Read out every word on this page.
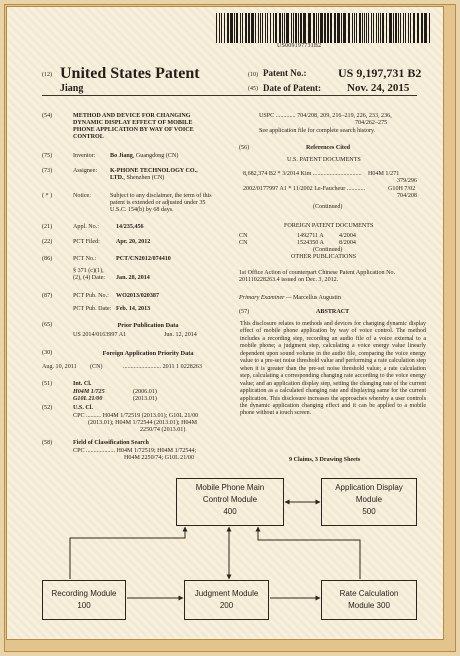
US009197731B2
(12) United States Patent
Jiang
(10) Patent No.:	US 9,197,731 B2
(45) Date of Patent: Nov. 24, 2015
(54)	METHOD AND DEVICE FOR CHANGING
DYNAMIC DISPLAY EFFECT OF MOBILE
PHONE APPLICATION BY WAY OF VOICE
CONTROL
(75)	Inventor: Bo Jiang, Guangdong (CN)
(73)	Assignee: K-PHONE TECHNOLOGY CO.,
LTD., Shenzhen (CN)
( * )	Notice:	Subject to any disclaimer, the term of this
patent is extended or adjusted under 35
U.S.C. 154(b) by 68 days.
(21)	Appl. No.:	14/235,456
(22)	PCT Filed:	Apr. 20, 2012
(86)	PCT No.:	PCT/CN2012/074410
§ 371 (c)(1),
(2), (4) Date: Jan. 28, 2014
(87)	PCT Pub. No.: WO2013/020387
PCT Pub. Date: Feb. 14, 2013
(65)	Prior Publication Data
US 2014/0163997 A1	Jun. 12, 2014
(30)	Foreign Application Priority Data
Aug. 10, 2011 (CN)	......................... 2011 1 0228263
(51)	Int. Cl.
H04M 1/725	(2006.01)
G10L 21/00	(2013.01)
(52)	U.S. Cl.
CPC .......... H04M 1/72519 (2013.01); G10L 21/00
(2013.01); H04M 1/72544 (2013.01); H04M
2250/74 (2013.01)
(58)	Field of Classification Search
CPC ................... H04M 1/72519; H04M 1/72544;
H04M 2250/74; G10L 21/00
USPC ............. 704/208, 209, 216–219, 226, 233, 236,
704/262–275
See application file for complete search history.
(56)	References Cited
U.S. PATENT DOCUMENTS
8,682,374 B2 * 3/2014 Kim ................................ H04M 1/271
379/296
2002/0177997 A1 * 11/2002 Le-Faucheur ............	G10H 7/02
704/208
(Continued)
FOREIGN PATENT DOCUMENTS
CN	1492711 A	4/2004
CN	1524350 A 8/2004
(Continued)
OTHER PUBLICATIONS
1st Office Action of counterpart Chinese Patent Application No.
201110228263.4 issued on Dec. 3, 2012.
Primary Examiner — Marcellus Augustin
(57)	ABSTRACT
This disclosure relates to methods and devices for changing dynamic display effect of mobile phone application by way of voice control. The method includes a recording step, recording an audio file of a voice external to a mobile phone; a judgment step, calculating a voice energy value linearly dependent upon sound volume in the audio file, comparing the voice energy value to a pre-set noise threshold value and performing a rate calculation step when it is greater than the pre-set noise threshold value; a rate calculation step, calculating a corresponding changing rate according to the voice energy value; and an application display step, setting the changing rate of the current application as a calculated changing rate and displaying same for the current application. This disclosure increases the approaches whereby a user controls the dynamic application changing effect and it can be applied to a mobile phone without a touch screen.
9 Claims, 3 Drawing Sheets
Mobile Phone Main
Control Module
400
Application Display
Module
500
Recording Module
100
Judgment Module
200
Rate Calculation
Module 300
